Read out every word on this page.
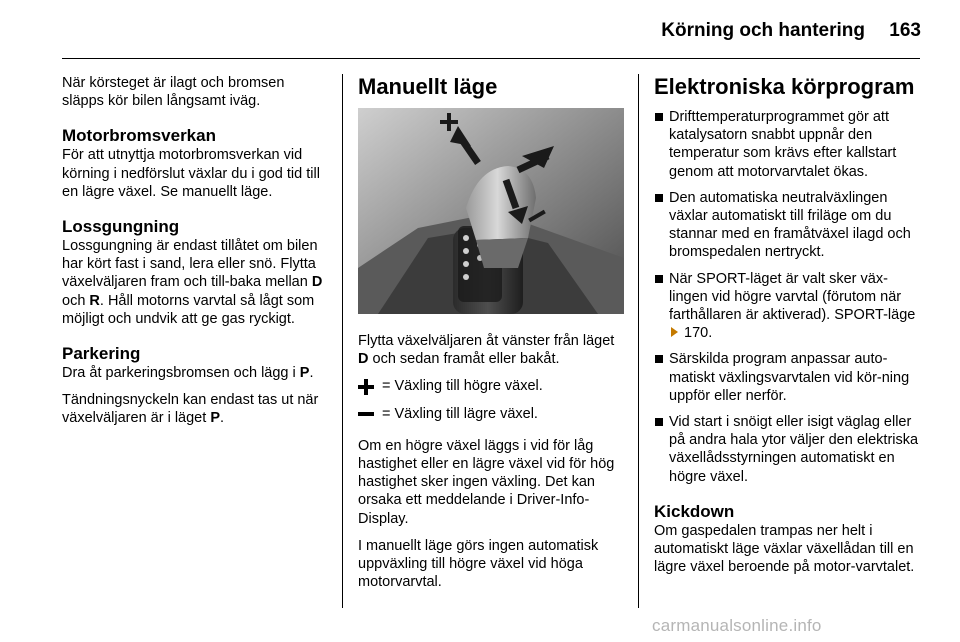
Körning och hantering 163

När körsteget är ilagt och bromsen släpps kör bilen långsamt iväg.

Motorbromsverkan

För att utnyttja motorbromsverkan vid körning i nedförslut växlar du i god tid till en lägre växel. Se manuellt läge.

Lossgungning

Lossgungning är endast tillåtet om bilen har kört fast i sand, lera eller snö. Flytta växelväljaren fram och till-baka mellan D och R. Håll motorns varvtal så lågt som möjligt och undvik att ge gas ryckigt.

Parkering

Dra åt parkeringsbromsen och lägg i P.

Tändningsnyckeln kan endast tas ut när växelväljaren är i läget P.

Manuellt läge

Flytta växelväljaren åt vänster från läget D och sedan framåt eller bakåt.

= Växling till högre växel.
= Växling till lägre växel.

Om en högre växel läggs i vid för låg hastighet eller en lägre växel vid för hög hastighet sker ingen växling. Det kan orsaka ett meddelande i Driver-Info-Display.

I manuellt läge görs ingen automatisk uppväxling till högre växel vid höga motorvarvtal.

Elektroniska körprogram
Drifttemperaturprogrammet gör att katalysatorn snabbt uppnår den temperatur som krävs efter kallstart genom att motorvarvtalet ökas.
Den automatiska neutralväxlingen växlar automatiskt till friläge om du stannar med en framåtväxel ilagd och bromspedalen nertryckt.
När SPORT-läget är valt sker väx-lingen vid högre varvtal (förutom när farthållaren är aktiverad). SPORT-läge  170.
Särskilda program anpassar auto-matiskt växlingsvarvtalen vid kör-ning uppför eller nerför.
Vid start i snöigt eller isigt väglag eller på andra hala ytor väljer den elektriska växellådsstyrningen automatiskt en högre växel.
Kickdown

Om gaspedalen trampas ner helt i automatiskt läge växlar växellådan till en lägre växel beroende på motor-varvtalet.

carmanualsonline.info
